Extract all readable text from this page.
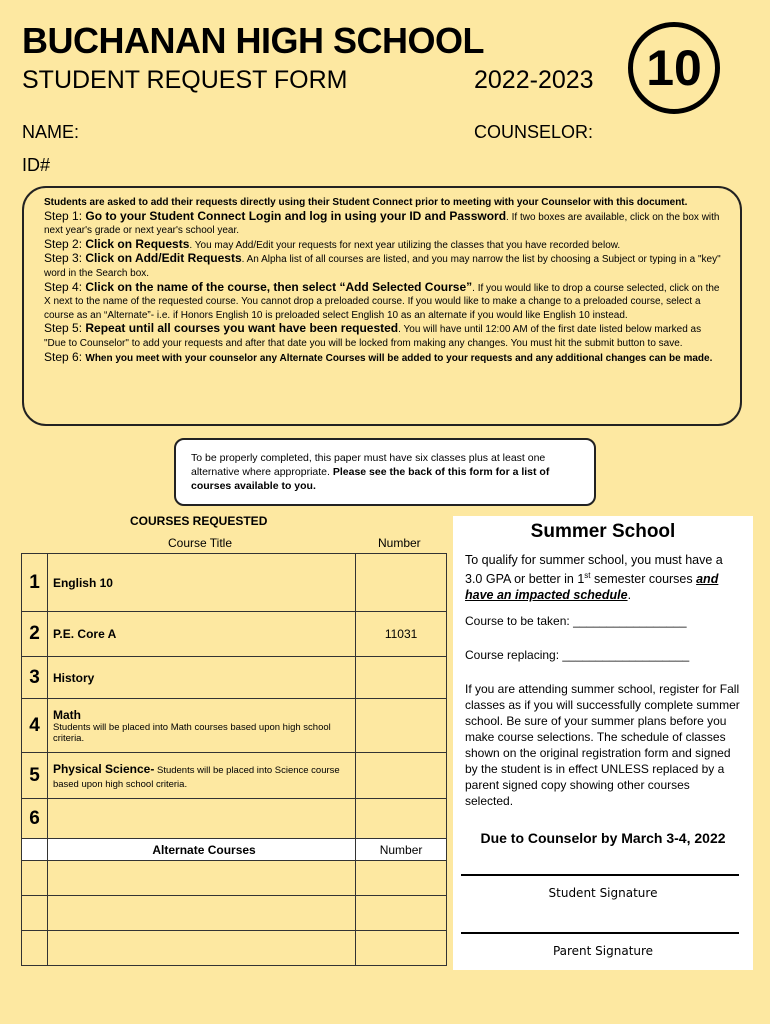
BUCHANAN HIGH SCHOOL
STUDENT REQUEST FORM	2022-2023	10
NAME:	COUNSELOR:
ID#

Students are asked to add their requests directly using their Student Connect prior to meeting with your Counselor with this document.

Step 1: Go to your Student Connect Login and log in using your ID and Password. If two boxes are available, click on the box with next year's grade or next year's school year.

Step 2: Click on Requests. You may Add/Edit your requests for next year utilizing the classes that you have recorded below.

Step 3: Click on Add/Edit Requests. An Alpha list of all courses are listed, and you may narrow the list by choosing a Subject or typing in a "key" word in the Search box.

Step 4: Click on the name of the course, then select “Add Selected Course”. If you would like to drop a course selected, click on the X next to the name of the requested course. You cannot drop a preloaded course. If you would like to make a change to a preloaded course, select a course as an “Alternate”- i.e. if Honors English 10 is preloaded select English 10 as an alternate if you would like English 10 instead.

Step 5: Repeat until all courses you want have been requested. You will have until 12:00 AM of the first date listed below marked as "Due to Counselor" to add your requests and after that date you will be locked from making any changes. You must hit the submit button to save.

Step 6: When you meet with your counselor any Alternate Courses will be added to your requests and any additional changes can be made.

To be properly completed, this paper must have six classes plus at least one alternative where appropriate. Please see the back of this form for a list of courses available to you.
COURSES REQUESTED
Course Title	Number
1	English 10	
2	P.E. Core A	11031
3	History	
4	Math
Students will be placed into Math courses based upon high school criteria.	

5	Physical Science- Students will be placed into Science course based upon high school criteria.	
6		
	Alternate Courses	Number

Summer School

To qualify for summer school, you must have a 3.0 GPA or better in 1st semester courses and have an impacted schedule.

Course to be taken: _________________

Course replacing: ___________________

If you are attending summer school, register for Fall classes as if you will successfully complete summer school. Be sure of your summer plans before you make course selections. The schedule of classes shown on the original registration form and signed by the student is in effect UNLESS replaced by a parent signed copy showing other courses selected.

Due to Counselor by March 3-4, 2022
Student Signature
Parent Signature
